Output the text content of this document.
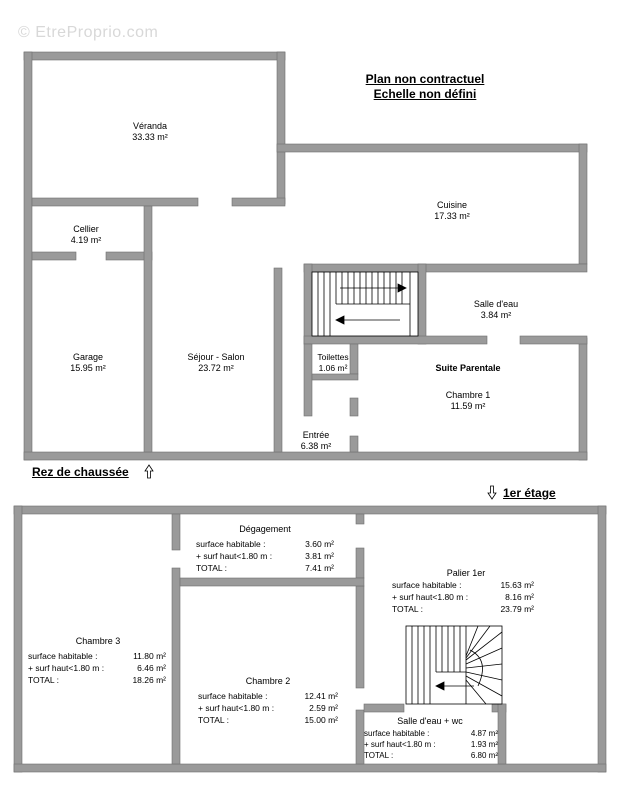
© EtreProprio.com
Plan non contractuel
Echelle non défini
Rez de chaussée
1er étage
Véranda
33.33 m²
Cellier
4.19 m²
Cuisine
17.33 m²
Garage
15.95 m²
Séjour - Salon
23.72 m²
Salle d'eau
3.84 m²
Toilettes
1.06 m²	Suite Parentale
Chambre 1
11.59 m²
Entrée
6.38 m²
Dégagement
surface habitable :	3.60 m²
+ surf haut<1.80 m :	3.81 m²
TOTAL :	7.41 m²	Palier 1er
surface habitable :	15.63 m²
+ surf haut<1.80 m :	8.16 m²
TOTAL :	23.79 m²
Chambre 3
surface habitable :	11.80 m²
+ surf haut<1.80 m :	6.46 m²
TOTAL :	18.26 m²	Chambre 2
surface habitable :	12.41 m²
+ surf haut<1.80 m :	2.59 m²
TOTAL :	15.00 m²	Salle d'eau + wc
surface habitable :	4.87 m²
+ surf haut<1.80 m :	1.93 m²
TOTAL :	6.80 m²
